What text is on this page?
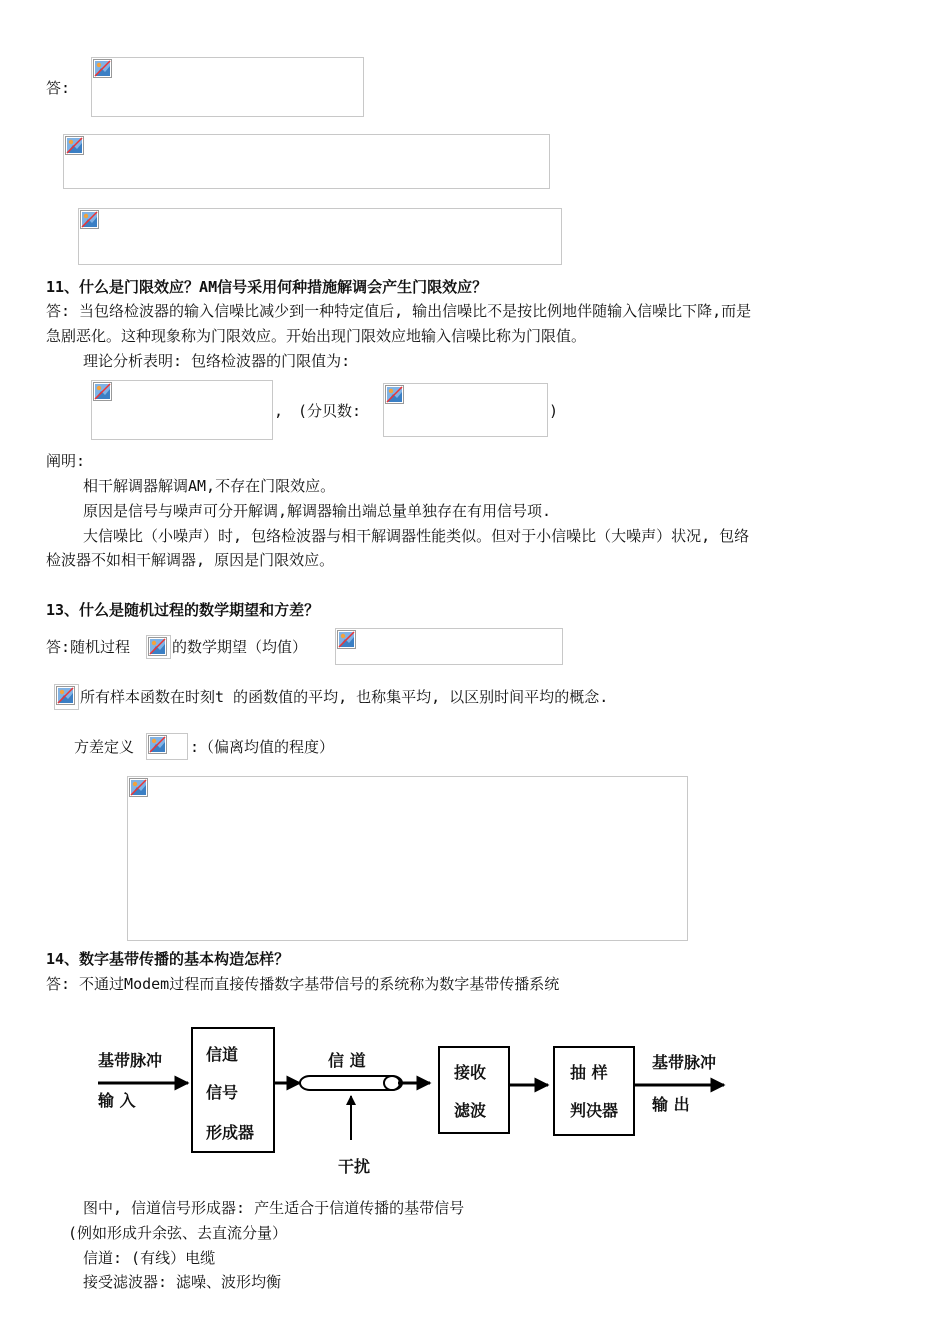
答:
11、什么是门限效应？AM信号采用何种措施解调会产生门限效应？
答: 当包络检波器的输入信噪比减少到一种特定值后, 输出信噪比不是按比例地伴随输入信噪比下降,而是
急剧恶化。这种现象称为门限效应。开始出现门限效应地输入信噪比称为门限值。
理论分析表明: 包络检波器的门限值为:
, (分贝数:	)
阐明:
相干解调器解调AM,不存在门限效应。
原因是信号与噪声可分开解调,解调器输出端总量单独存在有用信号项.
大信噪比（小噪声）时, 包络检波器与相干解调器性能类似。但对于小信噪比（大噪声）状况, 包络
检波器不如相干解调器, 原因是门限效应。
13、什么是随机过程的数学期望和方差？
答:随机过程	的数学期望（均值）
所有样本函数在时刻t 的函数值的平均, 也称集平均, 以区别时间平均的概念.
方差定义	:（偏离均值的程度）
14、数字基带传播的基本构造怎样？
答: 不通过Modem过程而直接传播数字基带信号的系统称为数字基带传播系统
基带脉冲
输 入
信道
信号
形成器
信 道
干扰
接收
滤波
抽 样
判决器
基带脉冲
输 出
图中, 信道信号形成器: 产生适合于信道传播的基带信号
(例如形成升余弦、去直流分量）
信道: (有线）电缆
接受滤波器: 滤噪、波形均衡
